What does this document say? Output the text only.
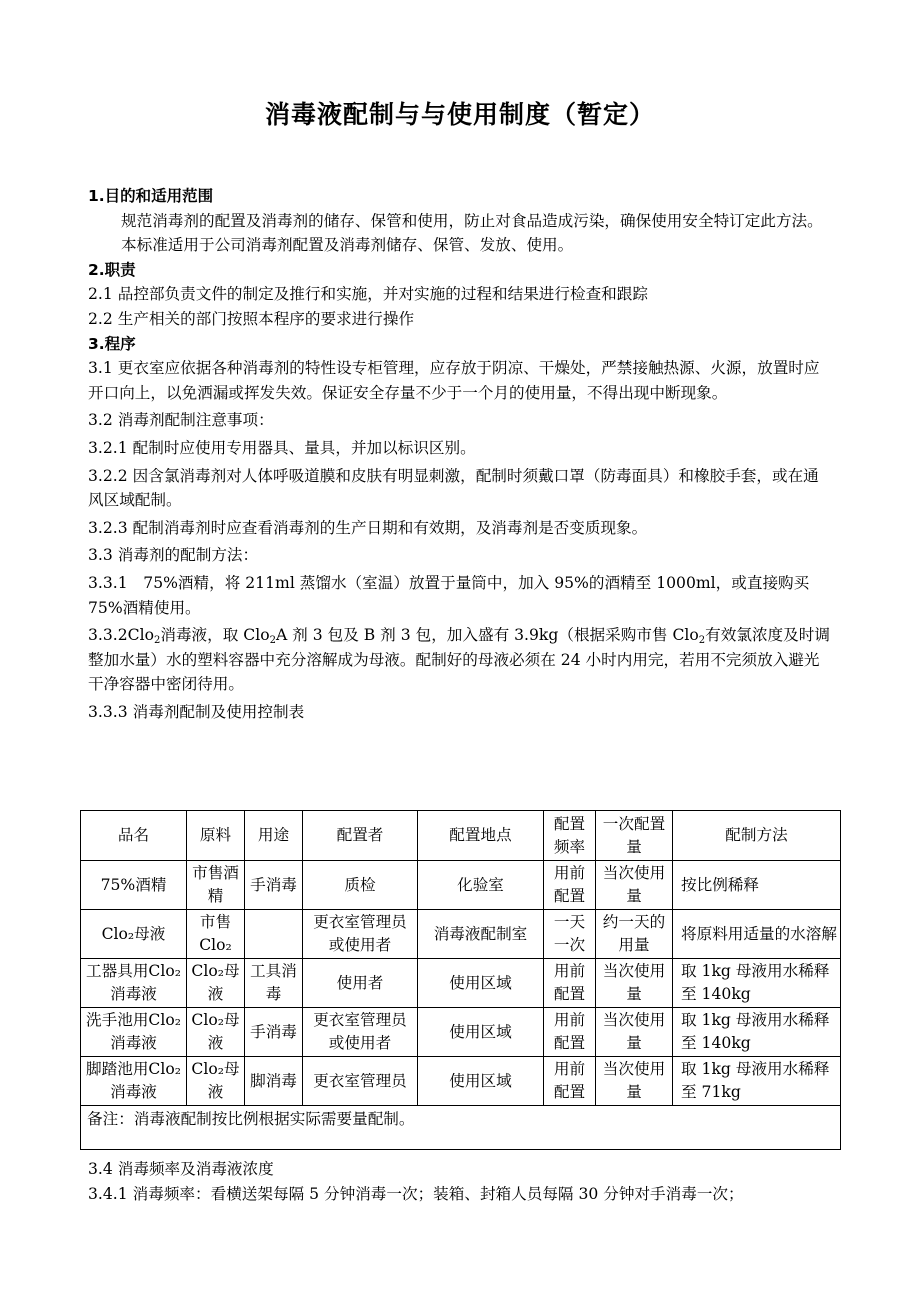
消毒液配制与与使用制度（暂定）

1.目的和适用范围

规范消毒剂的配置及消毒剂的储存、保管和使用，防止对食品造成污染，确保使用安全特订定此方法。

本标准适用于公司消毒剂配置及消毒剂储存、保管、发放、使用。

2.职责

2.1 品控部负责文件的制定及推行和实施，并对实施的过程和结果进行检查和跟踪

2.2 生产相关的部门按照本程序的要求进行操作

3.程序

3.1 更衣室应依据各种消毒剂的特性设专柜管理，应存放于阴凉、干燥处，严禁接触热源、火源，放置时应开口向上，以免洒漏或挥发失效。保证安全存量不少于一个月的使用量，不得出现中断现象。

3.2 消毒剂配制注意事项：

3.2.1 配制时应使用专用器具、量具，并加以标识区别。

3.2.2 因含氯消毒剂对人体呼吸道膜和皮肤有明显刺激，配制时须戴口罩（防毒面具）和橡胶手套，或在通风区域配制。

3.2.3 配制消毒剂时应查看消毒剂的生产日期和有效期，及消毒剂是否变质现象。

3.3 消毒剂的配制方法：

3.3.1　75%酒精，将 211ml 蒸馏水（室温）放置于量筒中，加入 95%的酒精至 1000ml，或直接购买 75%酒精使用。

3.3.2Clo$_2$消毒液，取 Clo$_2$A 剂 3 包及 B 剂 3 包，加入盛有 3.9kg（根据采购市售 Clo$_2$有效氯浓度及时调整加水量）水的塑料容器中充分溶解成为母液。配制好的母液必须在 24 小时内用完，若用不完须放入避光干净容器中密闭待用。

3.3.3 消毒剂配制及使用控制表

品名	原料	用途	配置者	配置地点	配置频率	一次配置量	配制方法
75%酒精	市售酒精	手消毒	质检	化验室	用前配置	当次使用量	按比例稀释
Clo₂母液	市售Clo₂		更衣室管理员或使用者	消毒液配制室	一天一次	约一天的用量	将原料用适量的水溶解
工器具用Clo₂消毒液	Clo₂母液	工具消毒	使用者	使用区域	用前配置	当次使用量	取 1kg 母液用水稀释至 140kg
洗手池用Clo₂消毒液	Clo₂母液	手消毒	更衣室管理员或使用者	使用区域	用前配置	当次使用量	取 1kg 母液用水稀释至 140kg
脚踏池用Clo₂消毒液	Clo₂母液	脚消毒	更衣室管理员	使用区域	用前配置	当次使用量	取 1kg 母液用水稀释至 71kg
备注：消毒液配制按比例根据实际需要量配制。							

3.4 消毒频率及消毒液浓度

3.4.1 消毒频率：看横送架每隔 5 分钟消毒一次；装箱、封箱人员每隔 30 分钟对手消毒一次；
